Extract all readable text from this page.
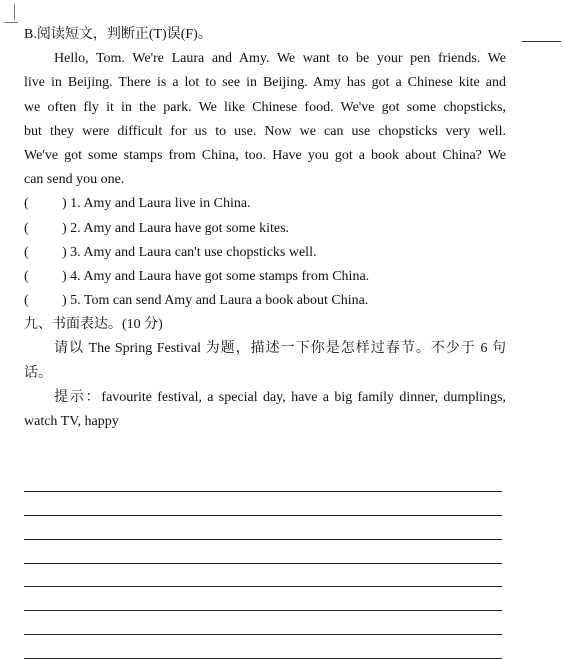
B.阅读短文，判断正(T)误(F)。
Hello, Tom. We're Laura and Amy. We want to be your pen friends. We
live in Beijing. There is a lot to see in Beijing. Amy has got a Chinese kite and
we often fly it in the park. We like Chinese food. We've got some chopsticks,
but they were difficult for us to use. Now we can use chopsticks very well.
We've got some stamps from China, too. Have you got a book about China? We
can send you one.
(	) 1. Amy and Laura live in China.
(	) 2. Amy and Laura have got some kites.
(	) 3. Amy and Laura can't use chopsticks well.
(	) 4. Amy and Laura have got some stamps from China.
(	) 5. Tom can send Amy and Laura a book about China.
九、书面表达。(10 分)
请以 The Spring Festival 为题，描述一下你是怎样过春节。不少于 6 句
话。
提示：favourite festival, a special day, have a big family dinner, dumplings,
watch TV, happy
